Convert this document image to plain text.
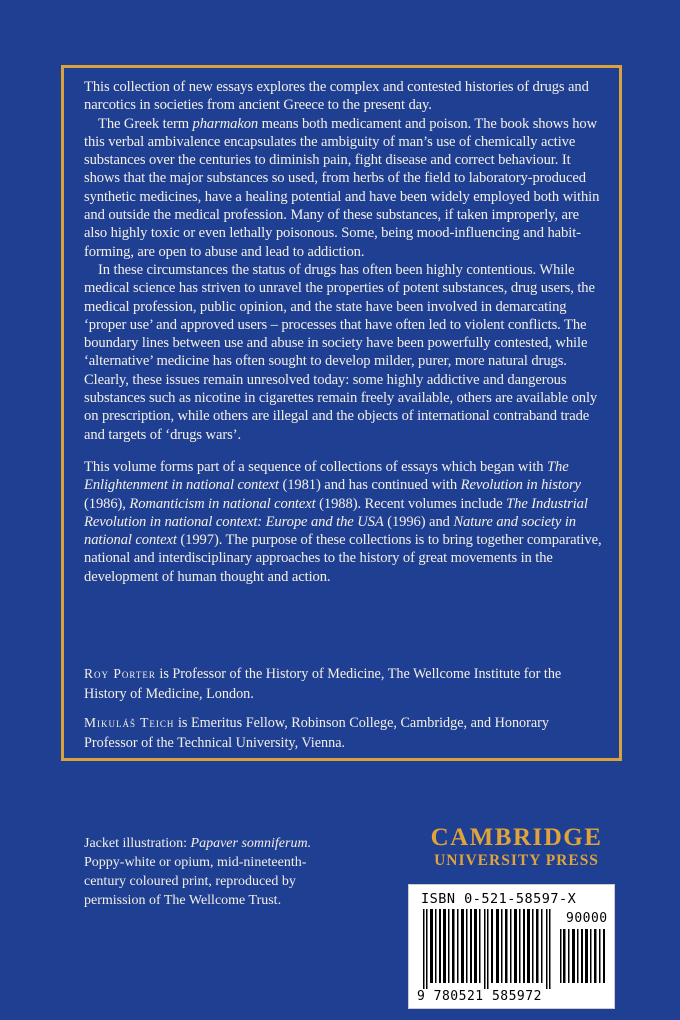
This collection of new essays explores the complex and contested histories of drugs and narcotics in societies from ancient Greece to the present day.

The Greek term pharmakon means both medicament and poison. The book shows how this verbal ambivalence encapsulates the ambiguity of man’s use of chemically active substances over the centuries to diminish pain, fight disease and correct behaviour. It shows that the major substances so used, from herbs of the field to laboratory-produced synthetic medicines, have a healing potential and have been widely employed both within and outside the medical profession. Many of these substances, if taken improperly, are also highly toxic or even lethally poisonous. Some, being mood-influencing and habit-forming, are open to abuse and lead to addiction.

In these circumstances the status of drugs has often been highly contentious. While medical science has striven to unravel the properties of potent substances, drug users, the medical profession, public opinion, and the state have been involved in demarcating ‘proper use’ and approved users – processes that have often led to violent conflicts. The boundary lines between use and abuse in society have been powerfully contested, while ‘alternative’ medicine has often sought to develop milder, purer, more natural drugs. Clearly, these issues remain unresolved today: some highly addictive and dangerous substances such as nicotine in cigarettes remain freely available, others are available only on prescription, while others are illegal and the objects of international contraband trade and targets of ‘drugs wars’.

This volume forms part of a sequence of collections of essays which began with The Enlightenment in national context (1981) and has continued with Revolution in history (1986), Romanticism in national context (1988). Recent volumes include The Industrial Revolution in national context: Europe and the USA (1996) and Nature and society in national context (1997). The purpose of these collections is to bring together comparative, national and interdisciplinary approaches to the history of great movements in the development of human thought and action.

Roy Porter is Professor of the History of Medicine, The Wellcome Institute for the History of Medicine, London.
Mikuláš Teich is Emeritus Fellow, Robinson College, Cambridge, and Honorary Professor of the Technical University, Vienna.
Jacket illustration: Papaver somniferum. Poppy-white or opium, mid-nineteenth-century coloured print, reproduced by permission of The Wellcome Trust.
CAMBRIDGE
UNIVERSITY PRESS
ISBN 0-521-58597-X
90000
9 780521 585972
